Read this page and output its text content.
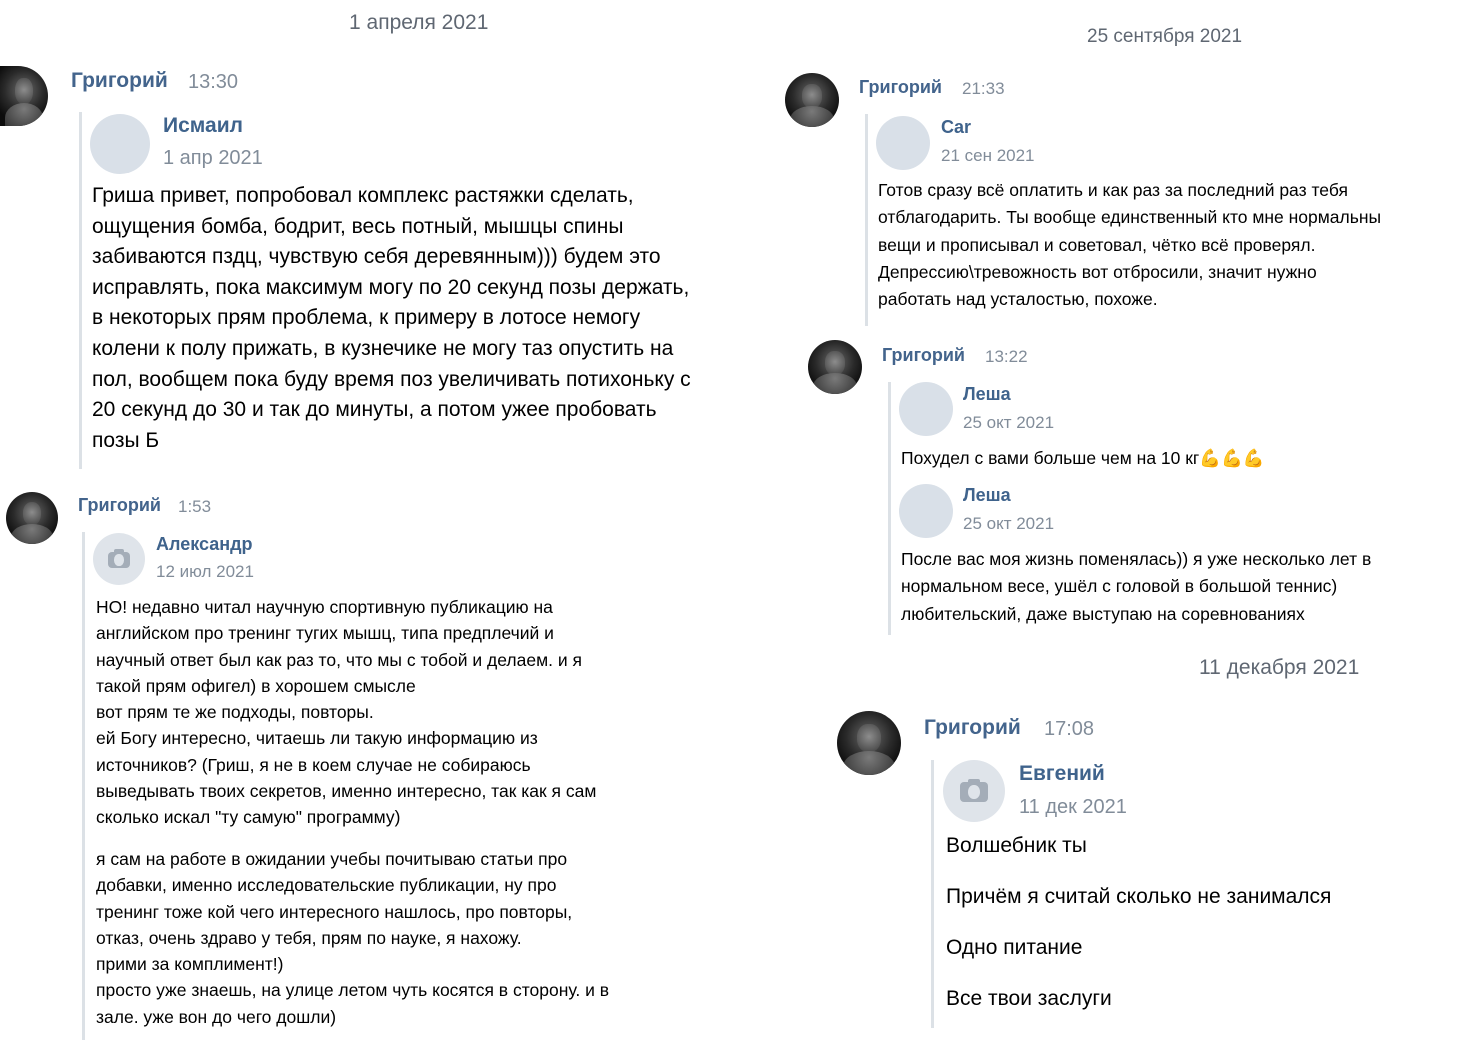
1 апреля 2021
Григорий 13:30
Исмаил
1 апр 2021
Гриша привет, попробовал комплекс растяжки сделать,
ощущения бомба, бодрит, весь потный, мышцы спины
забиваются пздц, чувствую себя деревянным))) будем это
исправлять, пока максимум могу по 20 секунд позы держать,
в некоторых прям проблема, к примеру в лотосе немогу
колени к полу прижать, в кузнечике не могу таз опустить на
пол, вообщем пока буду время поз увеличивать потихоньку с
20 секунд до 30 и так до минуты, а потом ужее пробовать
позы Б
Григорий 1:53
Александр
12 июл 2021
НО! недавно читал научную спортивную публикацию на
английском про тренинг тугих мышц, типа предплечий и
научный ответ был как раз то, что мы с тобой и делаем. и я
такой прям офигел) в хорошем смысле
вот прям те же подходы, повторы.
ей Богу интересно, читаешь ли такую информацию из
источников? (Гриш, я не в коем случае не собираюсь
выведывать твоих секретов, именно интересно, так как я сам
сколько искал "ту самую" программу)
я сам на работе в ожидании учебы почитываю статьи про
добавки, именно исследовательские публикации, ну про
тренинг тоже кой чего интересного нашлось, про повторы,
отказ, очень здраво у тебя, прям по науке, я нахожу.
прими за комплимент!)
просто уже знаешь, на улице летом чуть косятся в сторону. и в
зале. уже вон до чего дошли)
25 сентября 2021
Григорий 21:33
Car
21 сен 2021
Готов сразу всё оплатить и как раз за последний раз тебя
отблагодарить. Ты вообще единственный кто мне нормальны
вещи и прописывал и советовал, чётко всё проверял.
Депрессию\тревожность вот отбросили, значит нужно
работать над усталостью, похоже.
Григорий 13:22
Леша
25 окт 2021
Похудел с вами больше чем на 10 кг💪💪💪
Леша
25 окт 2021
После вас моя жизнь поменялась)) я уже несколько лет в
нормальном весе, ушёл с головой в большой теннис)
любительский, даже выступаю на соревнованиях
11 декабря 2021
Григорий 17:08
Евгений
11 дек 2021
Волшебник ты
Причём я считай сколько не занимался
Одно питание
Все твои заслуги
